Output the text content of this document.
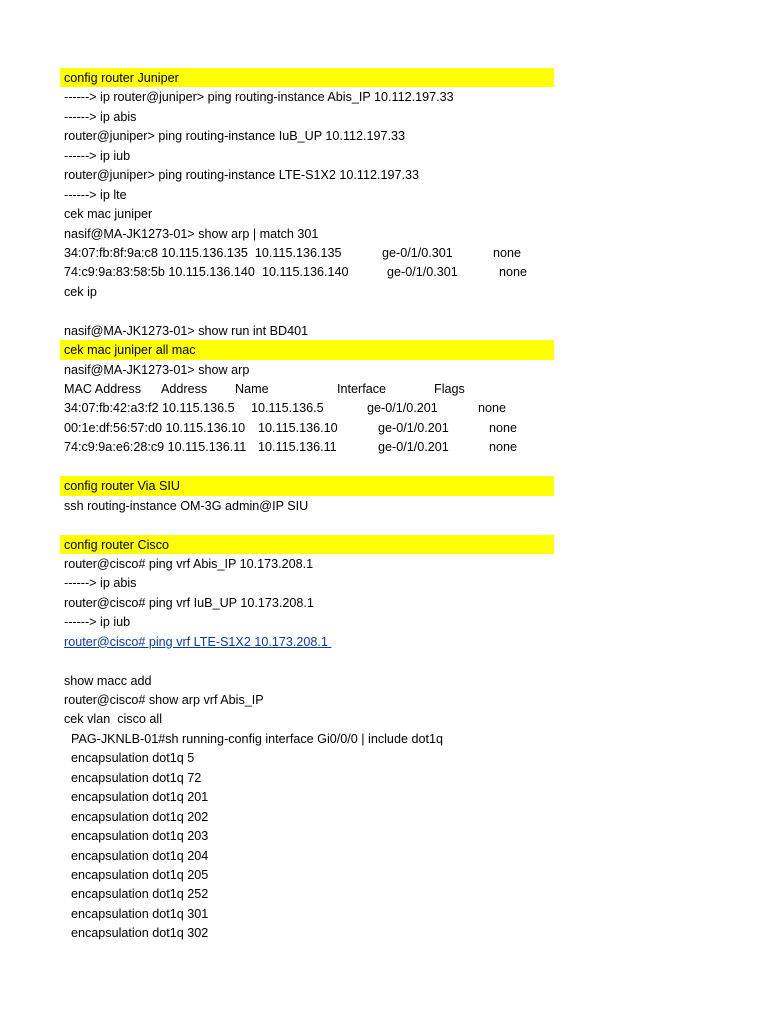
config router Juniper
------> ip router@juniper> ping routing-instance Abis_IP 10.112.197.33
------> ip abis
router@juniper> ping routing-instance IuB_UP 10.112.197.33
------> ip iub
router@juniper> ping routing-instance LTE-S1X2 10.112.197.33
------> ip lte
cek mac juniper
nasif@MA-JK1273-01> show arp | match 301
34:07:fb:8f:9a:c8 10.115.136.135  10.115.136.135	ge-0/1/0.301	none
74:c9:9a:83:58:5b 10.115.136.140  10.115.136.140	ge-0/1/0.301	none
cek ip
nasif@MA-JK1273-01> show run int BD401
cek mac juniper all mac
nasif@MA-JK1273-01> show arp
MAC Address Address Name	Interface	Flags
34:07:fb:42:a3:f2 10.115.136.5 10.115.136.5	ge-0/1/0.201	none
00:1e:df:56:57:d0 10.115.136.10 10.115.136.10	ge-0/1/0.201	none
74:c9:9a:e6:28:c9 10.115.136.11 10.115.136.11	ge-0/1/0.201	none
config router Via SIU
ssh routing-instance OM-3G admin@IP SIU
config router Cisco
router@cisco# ping vrf Abis_IP 10.173.208.1
------> ip abis
router@cisco# ping vrf IuB_UP 10.173.208.1
------> ip iub
router@cisco# ping vrf LTE-S1X2 10.173.208.1
show macc add
router@cisco# show arp vrf Abis_IP
cek vlan  cisco all
PAG-JKNLB-01#sh running-config interface Gi0/0/0 | include dot1q
encapsulation dot1q 5
encapsulation dot1q 72
encapsulation dot1q 201
encapsulation dot1q 202
encapsulation dot1q 203
encapsulation dot1q 204
encapsulation dot1q 205
encapsulation dot1q 252
encapsulation dot1q 301
encapsulation dot1q 302
